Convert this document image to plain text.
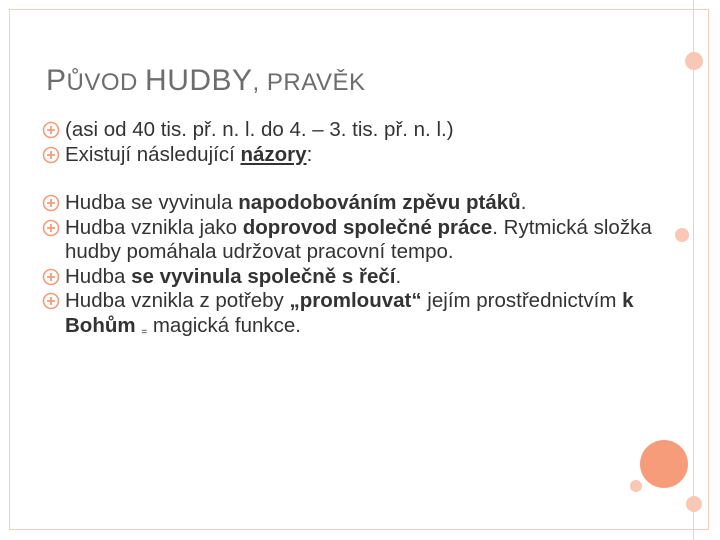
PŮVOD HUDBY, PRAVĚK
(asi od 40 tis. př. n. l. do 4. – 3. tis. př. n. l.)
Existují následující názory:
Hudba se vyvinula napodobováním zpěvu ptáků.
Hudba vznikla jako doprovod společné práce. Rytmická složka hudby pomáhala udržovat pracovní tempo.
Hudba se vyvinula společně s řečí.
Hudba vznikla z potřeby „promlouvat“ jejím prostřednictvím k Bohům = magická funkce.
